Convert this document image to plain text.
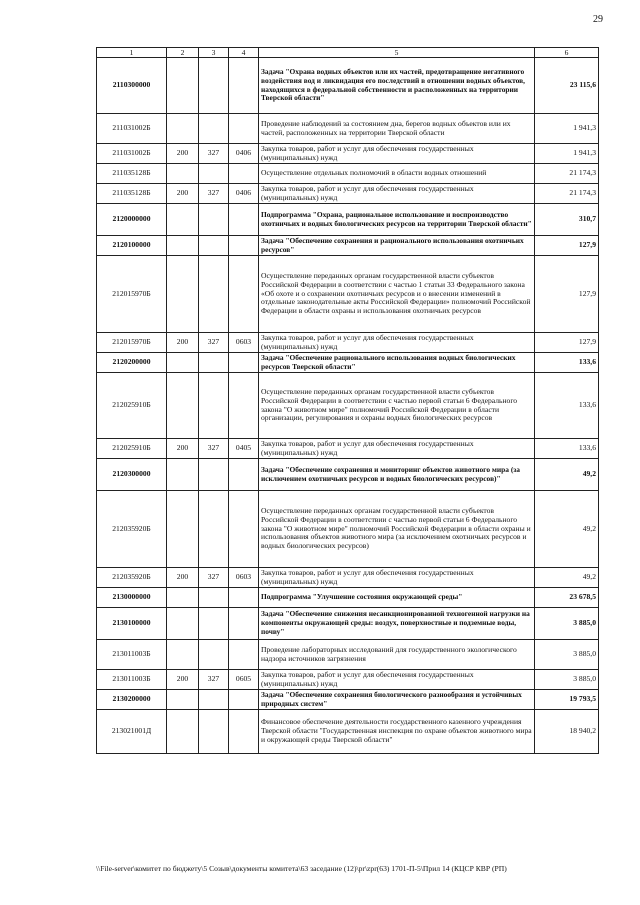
29
1	2	3	4	5	6
2110300000				Задача "Охрана водных объектов или их частей, предотвращение негативного воздействия вод и ликвидация его последствий в отношении водных объектов, находящихся в федеральной собственности и расположенных на территории Тверской области"	23 115,6
211031002Б				Проведение наблюдений за состоянием дна, берегов водных объектов или их частей, расположенных на территории Тверской области	1 941,3
211031002Б	200	327	0406	Закупка товаров, работ и услуг для обеспечения государственных (муниципальных) нужд	1 941,3
211035128Б				Осуществление отдельных полномочий в области водных отношений	21 174,3
211035128Б	200	327	0406	Закупка товаров, работ и услуг для обеспечения государственных (муниципальных) нужд	21 174,3
2120000000				Подпрограмма "Охрана, рациональное использование и воспроизводство охотничьих и водных биологических ресурсов на территории Тверской области"	310,7
2120100000				Задача "Обеспечение сохранения и рационального использования охотничьих ресурсов"	127,9
212015970Б				Осуществление переданных органам государственной власти субъектов Российской Федерации в соответствии с частью 1 статьи 33 Федерального закона «Об охоте и о сохранении охотничьих ресурсов и о внесении изменений в отдельные законодательные акты Российской Федерации» полномочий Российской Федерации в области охраны и использования охотничьих ресурсов	127,9
212015970Б	200	327	0603	Закупка товаров, работ и услуг для обеспечения государственных (муниципальных) нужд	127,9
2120200000				Задача "Обеспечение рационального использования водных биологических ресурсов Тверской области"	133,6
212025910Б				Осуществление переданных органам государственной власти субъектов Российской Федерации в соответствии с частью первой статьи 6 Федерального закона "О животном мире" полномочий Российской Федерации в области организации, регулирования и охраны водных биологических ресурсов	133,6
212025910Б	200	327	0405	Закупка товаров, работ и услуг для обеспечения государственных (муниципальных) нужд	133,6
2120300000				Задача "Обеспечение сохранения и мониторинг объектов животного мира (за исключением охотничьих ресурсов и водных биологических ресурсов)"	49,2
212035920Б				Осуществление переданных органам государственной власти субъектов Российской Федерации в соответствии с частью первой статьи 6 Федерального закона "О животном мире" полномочий Российской Федерации в области охраны и использования объектов животного мира (за исключением охотничьих ресурсов и водных биологических ресурсов)	49,2
212035920Б	200	327	0603	Закупка товаров, работ и услуг для обеспечения государственных (муниципальных) нужд	49,2
2130000000				Подпрограмма "Улучшение состояния окружающей среды"	23 678,5
2130100000				Задача "Обеспечение снижения несанкционированной техногенной нагрузки на компоненты окружающей среды: воздух, поверхностные и подземные воды, почву"	3 885,0
213011003Б				Проведение лабораторных исследований для государственного экологического надзора источников загрязнения	3 885,0
213011003Б	200	327	0605	Закупка товаров, работ и услуг для обеспечения государственных (муниципальных) нужд	3 885,0
2130200000				Задача "Обеспечение сохранения биологического разнообразия и устойчивых природных систем"	19 793,5
213021001Д				Финансовое обеспечение деятельности государственного казенного учреждения Тверской области "Государственная инспекция по охране объектов животного мира и окружающей среды Тверской области"	18 940,2
\\File-server\комитет по бюджету\5 Созыв\документы комитета\63 заседание (12)\pr\zpr(63) 1701-П-5\Прил 14 (КЦСР КВР (РП)
